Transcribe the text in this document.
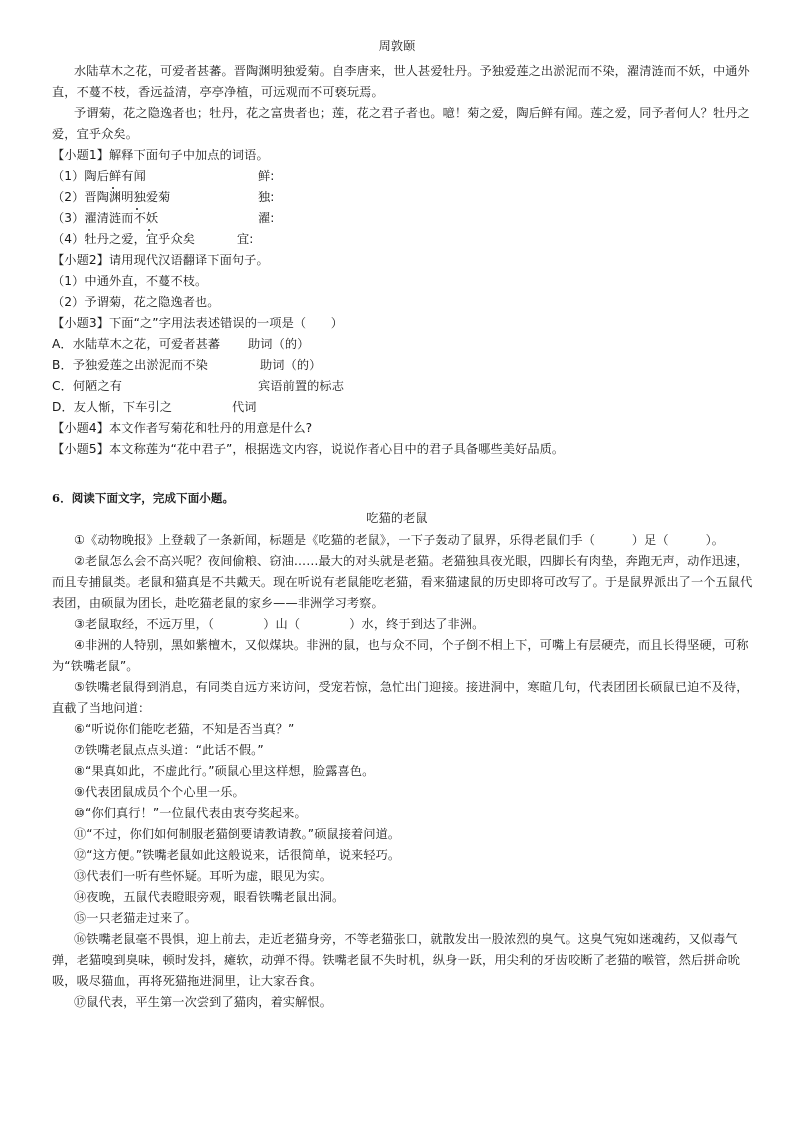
周敦颐
水陆草木之花，可爱者甚蕃。晋陶渊明独爱菊。自李唐来，世人甚爱牡丹。予独爱莲之出淤泥而不染，濯清涟而不妖，中通外
直，不蔓不枝，香远益清，亭亭净植，可远观而不可亵玩焉。
予谓菊，花之隐逸者也；牡丹，花之富贵者也；莲，花之君子者也。噫！菊之爱，陶后鲜有闻。莲之爱，同予者何人？牡丹之
爱，宜乎众矣。
【小题1】解释下面句子中加点的词语。
（1）陶后鲜有闻	鲜:
（2）晋陶渊明独爱菊	独:
（3）濯清涟而不妖	濯:
（4）牡丹之爱，宜乎众矣	宜:
【小题2】请用现代汉语翻译下面句子。
（1）中通外直，不蔓不枝。
（2）予谓菊，花之隐逸者也。
【小题3】下面“之”字用法表述错误的一项是（　　）
A．水陆草木之花，可爱者甚蕃 助词（的）
B．予独爱莲之出淤泥而不染	助词（的）
C．何陋之有	宾语前置的标志
D．友人惭，下车引之	代词
【小题4】本文作者写菊花和牡丹的用意是什么?
【小题5】本文称莲为“花中君子”，根据选文内容，说说作者心目中的君子具备哪些美好品质。
6．阅读下面文字，完成下面小题。
吃猫的老鼠
①《动物晚报》上登载了一条新闻，标题是《吃猫的老鼠》，一下子轰动了鼠界，乐得老鼠们手（　　　）足（　　　）。
②老鼠怎么会不高兴呢？夜间偷粮、窃油……最大的对头就是老猫。老猫独具夜光眼，四脚长有肉垫，奔跑无声，动作迅速，
而且专捕鼠类。老鼠和猫真是不共戴天。现在听说有老鼠能吃老猫，看来猫逮鼠的历史即将可改写了。于是鼠界派出了一个五鼠代
表团，由硕鼠为团长，赴吃猫老鼠的家乡——非洲学习考察。
③老鼠取经，不远万里，（　　　　）山（　　　　）水，终于到达了非洲。
④非洲的人特别，黑如紫檀木，又似煤块。非洲的鼠，也与众不同，个子倒不相上下，可嘴上有层硬壳，而且长得坚硬，可称
为“铁嘴老鼠”。
⑤铁嘴老鼠得到消息，有同类自远方来访问，受宠若惊，急忙出门迎接。接进洞中，寒暄几句，代表团团长硕鼠已迫不及待，
直截了当地问道：
⑥“听说你们能吃老猫，不知是否当真？”
⑦铁嘴老鼠点点头道：“此话不假。”
⑧“果真如此，不虚此行。”硕鼠心里这样想，脸露喜色。
⑨代表团鼠成员个个心里一乐。
⑩“你们真行！”一位鼠代表由衷夸奖起来。
⑪“不过，你们如何制服老猫倒要请教请教。”硕鼠接着问道。
⑫“这方便。”铁嘴老鼠如此这般说来，话很简单，说来轻巧。
⑬代表们一听有些怀疑。耳听为虚，眼见为实。
⑭夜晚，五鼠代表瞪眼旁观，眼看铁嘴老鼠出洞。
⑮一只老猫走过来了。
⑯铁嘴老鼠毫不畏惧，迎上前去，走近老猫身旁，不等老猫张口，就散发出一股浓烈的臭气。这臭气宛如迷魂药，又似毒气
弹，老猫嗅到臭味，顿时发抖，瘫软，动弹不得。铁嘴老鼠不失时机，纵身一跃，用尖利的牙齿咬断了老猫的喉管，然后拼命吮
吸，吸尽猫血，再将死猫拖进洞里，让大家吞食。
⑰鼠代表，平生第一次尝到了猫肉，着实解恨。
